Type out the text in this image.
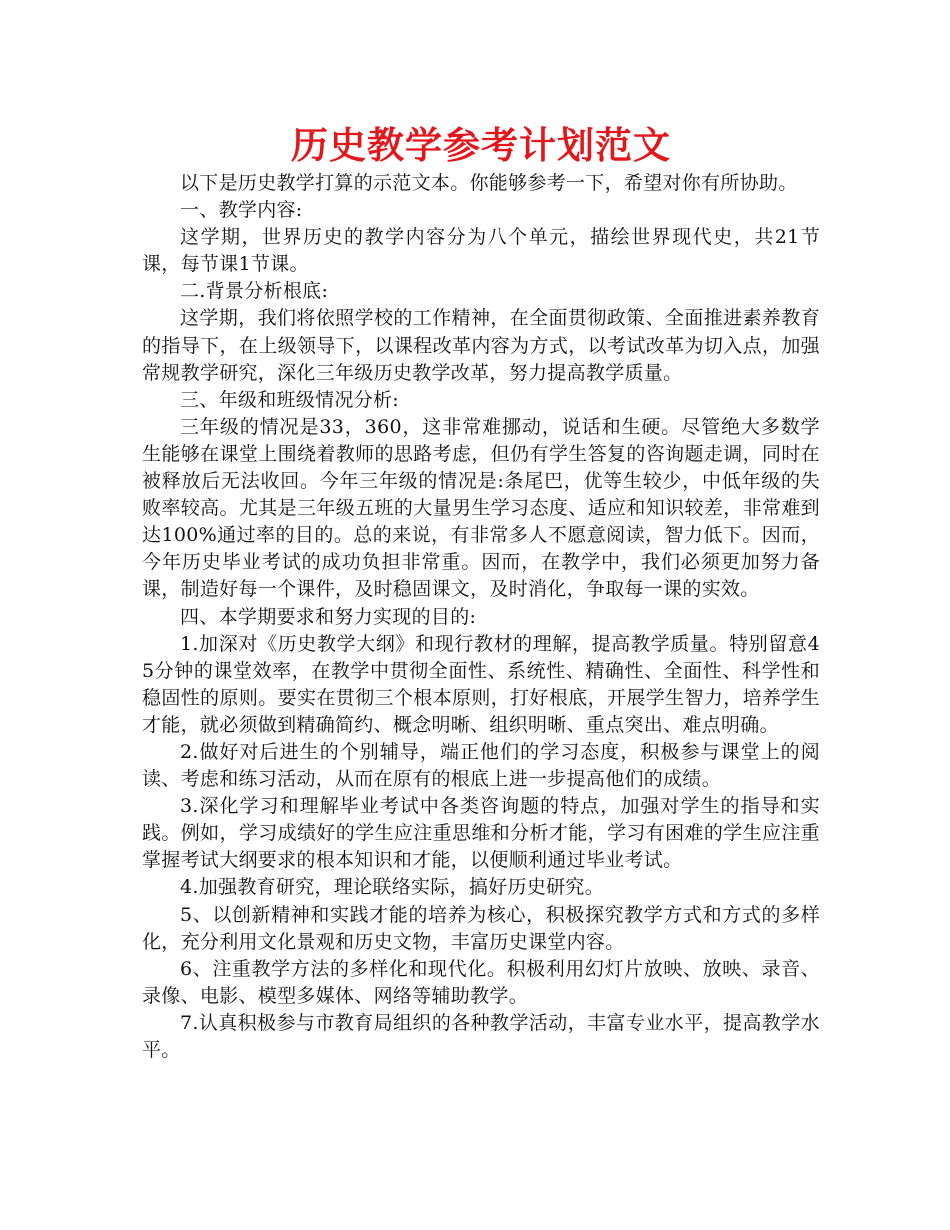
历史教学参考计划范文

以下是历史教学打算的示范文本。你能够参考一下，希望对你有所协助。

一、教学内容:

这学期，世界历史的教学内容分为八个单元，描绘世界现代史，共21节课，每节课1节课。

二.背景分析根底:

这学期，我们将依照学校的工作精神，在全面贯彻政策、全面推进素养教育的指导下，在上级领导下，以课程改革内容为方式，以考试改革为切入点，加强常规教学研究，深化三年级历史教学改革，努力提高教学质量。

三、年级和班级情况分析:

三年级的情况是33，360，这非常难挪动，说话和生硬。尽管绝大多数学生能够在课堂上围绕着教师的思路考虑，但仍有学生答复的咨询题走调，同时在被释放后无法收回。今年三年级的情况是:条尾巴，优等生较少，中低年级的失败率较高。尤其是三年级五班的大量男生学习态度、适应和知识较差，非常难到达100%通过率的目的。总的来说，有非常多人不愿意阅读，智力低下。因而，今年历史毕业考试的成功负担非常重。因而，在教学中，我们必须更加努力备课，制造好每一个课件，及时稳固课文，及时消化，争取每一课的实效。

四、本学期要求和努力实现的目的:

1.加深对《历史教学大纲》和现行教材的理解，提高教学质量。特别留意45分钟的课堂效率，在教学中贯彻全面性、系统性、精确性、全面性、科学性和稳固性的原则。要实在贯彻三个根本原则，打好根底，开展学生智力，培养学生才能，就必须做到精确简约、概念明晰、组织明晰、重点突出、难点明确。

2.做好对后进生的个别辅导，端正他们的学习态度，积极参与课堂上的阅读、考虑和练习活动，从而在原有的根底上进一步提高他们的成绩。

3.深化学习和理解毕业考试中各类咨询题的特点，加强对学生的指导和实践。例如，学习成绩好的学生应注重思维和分析才能，学习有困难的学生应注重掌握考试大纲要求的根本知识和才能，以便顺利通过毕业考试。

4.加强教育研究，理论联络实际，搞好历史研究。

5、以创新精神和实践才能的培养为核心，积极探究教学方式和方式的多样化，充分利用文化景观和历史文物，丰富历史课堂内容。

6、注重教学方法的多样化和现代化。积极利用幻灯片放映、放映、录音、录像、电影、模型多媒体、网络等辅助教学。

7.认真积极参与市教育局组织的各种教学活动，丰富专业水平，提高教学水平。
